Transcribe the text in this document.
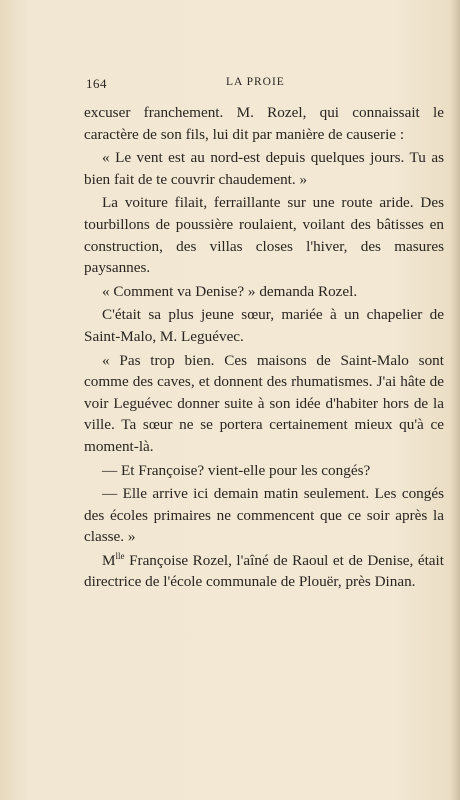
164	LA PROIE

excuser franchement. M. Rozel, qui connaissait le caractère de son fils, lui dit par manière de causerie :

« Le vent est au nord-est depuis quelques jours. Tu as bien fait de te couvrir chaudement. »

La voiture filait, ferraillante sur une route aride. Des tourbillons de poussière roulaient, voilant des bâtisses en construction, des villas closes l'hiver, des masures paysannes.

« Comment va Denise? » demanda Rozel.

C'était sa plus jeune sœur, mariée à un chapelier de Saint-Malo, M. Leguévec.

« Pas trop bien. Ces maisons de Saint-Malo sont comme des caves, et donnent des rhumatismes. J'ai hâte de voir Leguévec donner suite à son idée d'habiter hors de la ville. Ta sœur ne se portera certainement mieux qu'à ce moment-là.

— Et Françoise? vient-elle pour les congés?

— Elle arrive ici demain matin seulement. Les congés des écoles primaires ne commencent que ce soir après la classe. »

$M^{lle}$ Françoise Rozel, l'aîné de Raoul et de Denise, était directrice de l'école communale de Plouër, près Dinan.
